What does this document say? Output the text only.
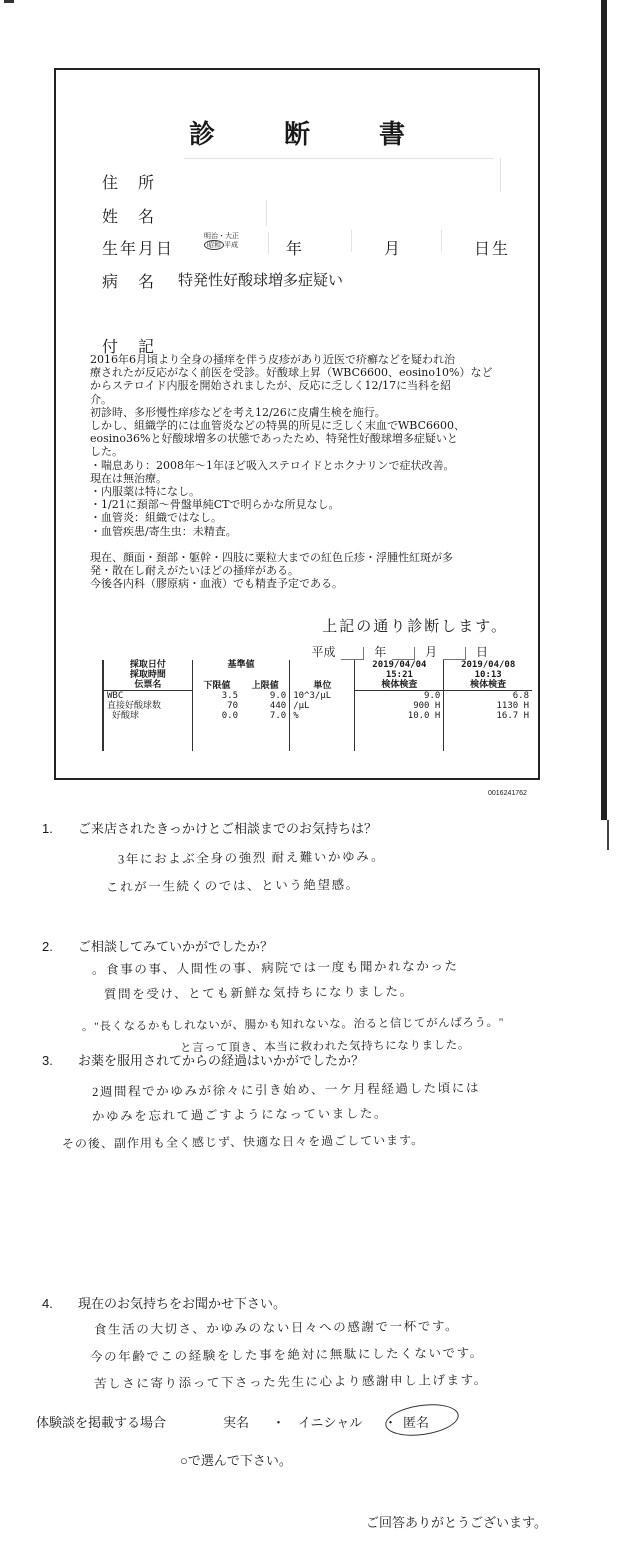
診 断 書
住　所
姓　名
生年月日
明治・大正
昭和 平成	年	月	日生
病　名 特発性好酸球増多症疑い
付　記
2016年6月頃より全身の掻痒を伴う皮疹があり近医で疥癬などを疑われ治
療されたが反応がなく前医を受診。好酸球上昇（WBC6600、eosino10%）など
からステロイド内服を開始されましたが、反応に乏しく12/17に当科を紹
介。
初診時、多形慢性痒疹などを考え12/26に皮膚生検を施行。
しかし、組織学的には血管炎などの特異的所見に乏しく末血でWBC6600、
eosino36%と好酸球増多の状態であったため、特発性好酸球増多症疑いと
した。
・喘息あり：2008年〜1年ほど吸入ステロイドとホクナリンで症状改善。
現在は無治療。
・内服薬は特になし。
・1/21に頚部〜骨盤単純CTで明らかな所見なし。
・血管炎：組織ではなし。
・血管疾患/寄生虫：未精査。

現在、顔面・頚部・躯幹・四肢に粟粒大までの紅色丘疹・浮腫性紅斑が多
発・散在し耐えがたいほどの掻痒がある。
今後各内科（膠原病・血液）でも精査予定である。
上記の通り診断します。
平成	年	月	日
採取日付	基準値		単位	2019/04/04	2019/04/08
採取時間	下限値	上限値		15:21	10:13
伝票名				検体検査	検体検査
WBC	3.5	9.0	10^3/μL	9.0	6.8
直接好酸球数	70	440	/μL	900 H	1130 H
好酸球	0.0	7.0	%	10.0 H	16.7 H

0016241762
1. ご来店されたきっかけとご相談までのお気持ちは？
3年におよぶ全身の強烈 耐え難いかゆみ。
これが一生続くのでは、という絶望感。
2. ご相談してみていかがでしたか？
。食事の事、人間性の事、病院では一度も聞かれなかった
質問を受け、とても新鮮な気持ちになりました。
。"長くなるかもしれないが、腸かも知れないな。治ると信じてがんばろう。"
と言って頂き、本当に救われた気持ちになりました。
3. お薬を服用されてからの経過はいかがでしたか？
2週間程でかゆみが徐々に引き始め、一ケ月程経過した頃には
かゆみを忘れて過ごすようになっていました。
その後、副作用も全く感じず、快適な日々を過ごしています。
4. 現在のお気持ちをお聞かせ下さい。
食生活の大切さ、かゆみのない日々への感謝で一杯です。
今の年齢でこの経験をした事を絶対に無駄にしたくないです。
苦しさに寄り添って下さった先生に心より感謝申し上げます。
体験談を掲載する場合	実名 ・ イニシャル ・ 匿名
○で選んで下さい。
ご回答ありがとうございます。
